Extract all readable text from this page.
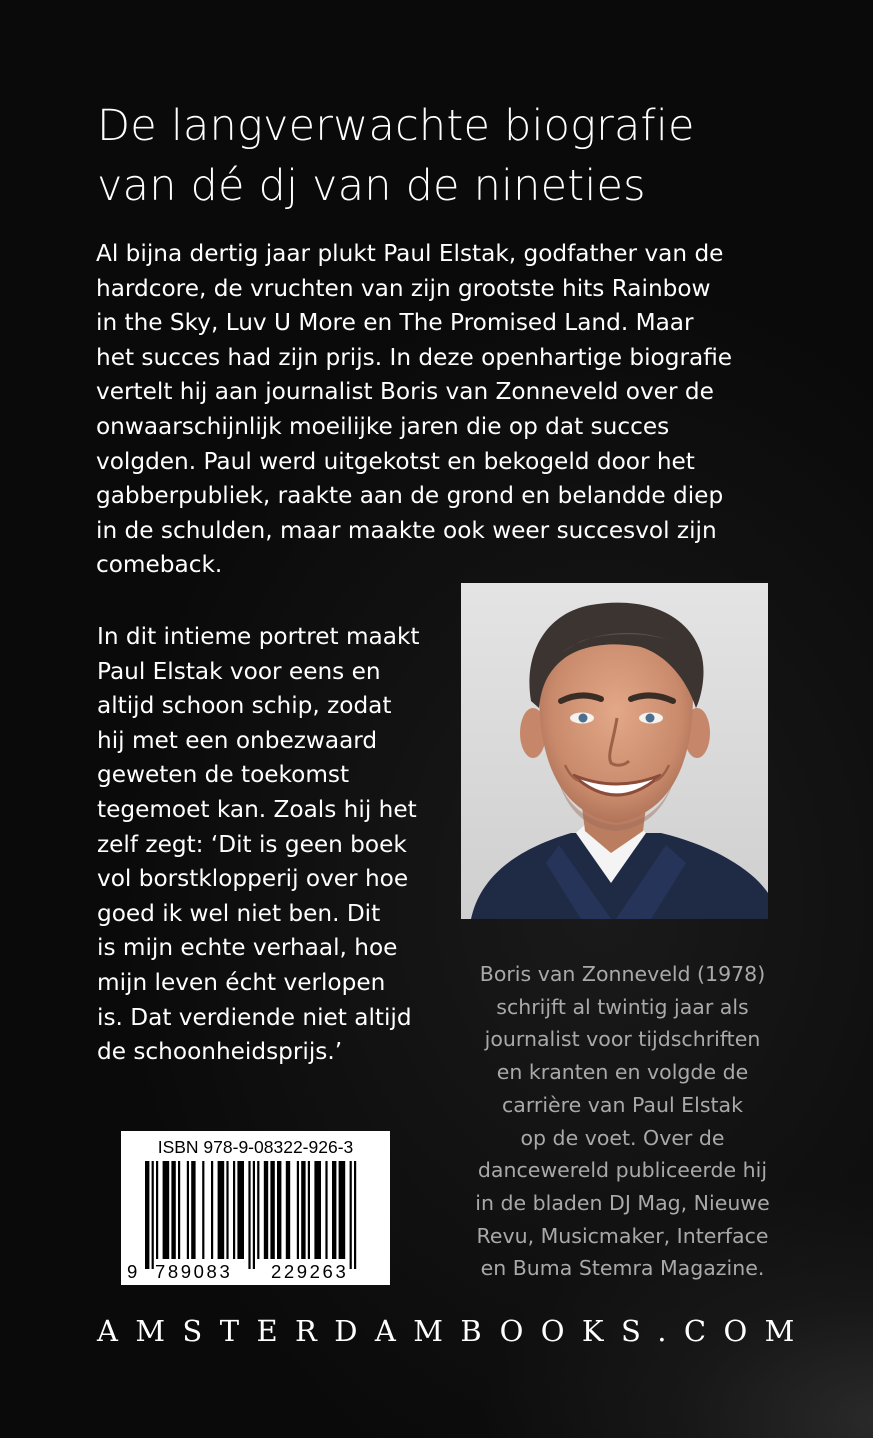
De langverwachte biografie
van dé dj van de nineties
Al bijna dertig jaar plukt Paul Elstak, godfather van de
hardcore, de vruchten van zijn grootste hits Rainbow
in the Sky, Luv U More en The Promised Land. Maar
het succes had zijn prijs. In deze openhartige biografie
vertelt hij aan journalist Boris van Zonneveld over de
onwaarschijnlijk moeilijke jaren die op dat succes
volgden. Paul werd uitgekotst en bekogeld door het
gabberpubliek, raakte aan de grond en belandde diep
in de schulden, maar maakte ook weer succesvol zijn
comeback.
In dit intieme portret maakt
Paul Elstak voor eens en
altijd schoon schip, zodat
hij met een onbezwaard
geweten de toekomst
tegemoet kan. Zoals hij het
zelf zegt: ‘Dit is geen boek
vol borstklopperij over hoe
goed ik wel niet ben. Dit
is mijn echte verhaal, hoe
mijn leven écht verlopen
is. Dat verdiende niet altijd
de schoonheidsprijs.’
Boris van Zonneveld (1978)
schrijft al twintig jaar als
journalist voor tijdschriften
en kranten en volgde de
carrière van Paul Elstak
op de voet. Over de
dancewereld publiceerde hij
in de bladen DJ Mag, Nieuwe
Revu, Musicmaker, Interface
en Buma Stemra Magazine.
ISBN 978-9-08322-926-3
9 789083 229263
AMSTERDAMBOOKS.COM
